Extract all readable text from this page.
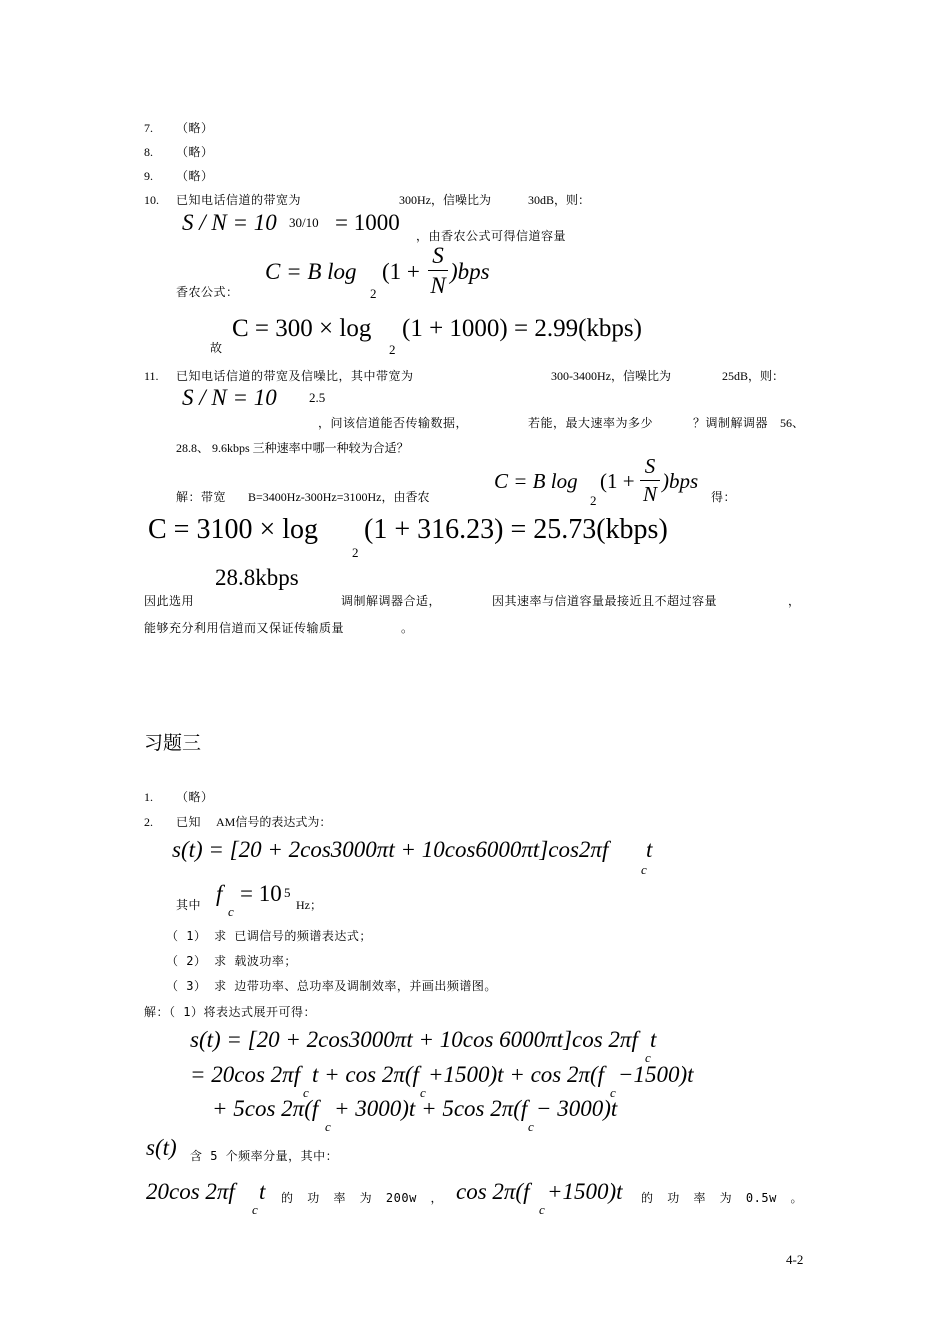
7. （略）
8. （略）
9. （略）
10. 已知电话信道的带宽为	300Hz，信噪比为	30dB，则：
S / N = 10 30/10 = 1000
，由香农公式可得信道容量
香农公式：
C = B log
2
(1 +
S
N
)bps
故
C = 300 × log
2
(1 + 1000) = 2.99(kbps)
11. 已知电话信道的带宽及信噪比，其中带宽为	300-3400Hz，信噪比为	25dB，则：
S / N = 10 2.5
，问该信道能否传输数据，	若能，最大速率为多少	？调制解调器 56、
28.8、 9.6kbps 三种速率中哪一种较为合适？
解：带宽 B=3400Hz-300Hz=3100Hz，由香农
C = B log
2
(1 +
S
N
)bps
得：
C = 3100 × log
2
(1 + 316.23) = 25.73(kbps)
28.8kbps
因此选用	调制解调器合适，	因其速率与信道容量最接近且不超过容量	，
能够充分利用信道而又保证传输质量	。
习题三
1. （略）
2. 已知 AM信号的表达式为：
s(t) = [20 + 2cos3000πt + 10cos6000πt]cos2πf
c
t
其中 f
c
= 10 5
Hz；
（ 1） 求 已调信号的频谱表达式；
（ 2） 求 载波功率；
（ 3） 求 边带功率、总功率及调制效率，并画出频谱图。
解：（ 1）将表达式展开可得：
s(t) = [20 + 2cos3000πt + 10cos 6000πt]cos 2πf
c
t
= 20cos 2πf
c
t + cos 2π(f
c
+1500)t + cos 2π(f
c
−1500)t
+ 5cos 2π(f
c
+ 3000)t + 5cos 2π(f
c
− 3000)t
s(t) 含 5 个频率分量，其中：
20cos 2πf
c
t 的 功 率 为 200w ， cos 2π(f
c
+1500)t 的 功 率 为 0.5w 。
4-2
